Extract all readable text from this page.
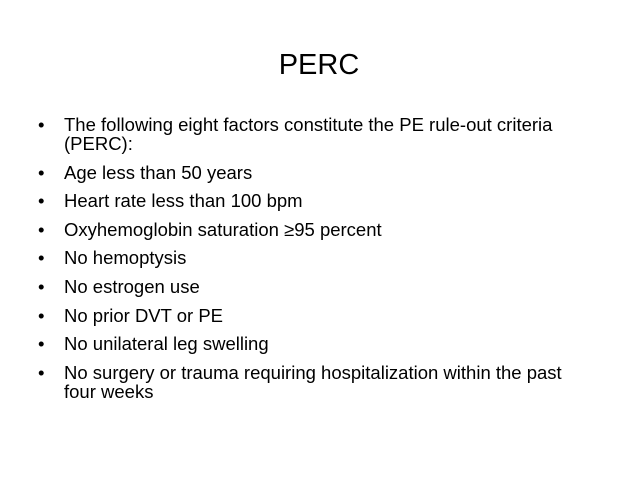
PERC
• The following eight factors constitute the PE rule-out criteria (PERC):
• Age less than 50 years
• Heart rate less than 100 bpm
• Oxyhemoglobin saturation ≥95 percent
• No hemoptysis
• No estrogen use
• No prior DVT or PE
• No unilateral leg swelling
• No surgery or trauma requiring hospitalization within the past four weeks
